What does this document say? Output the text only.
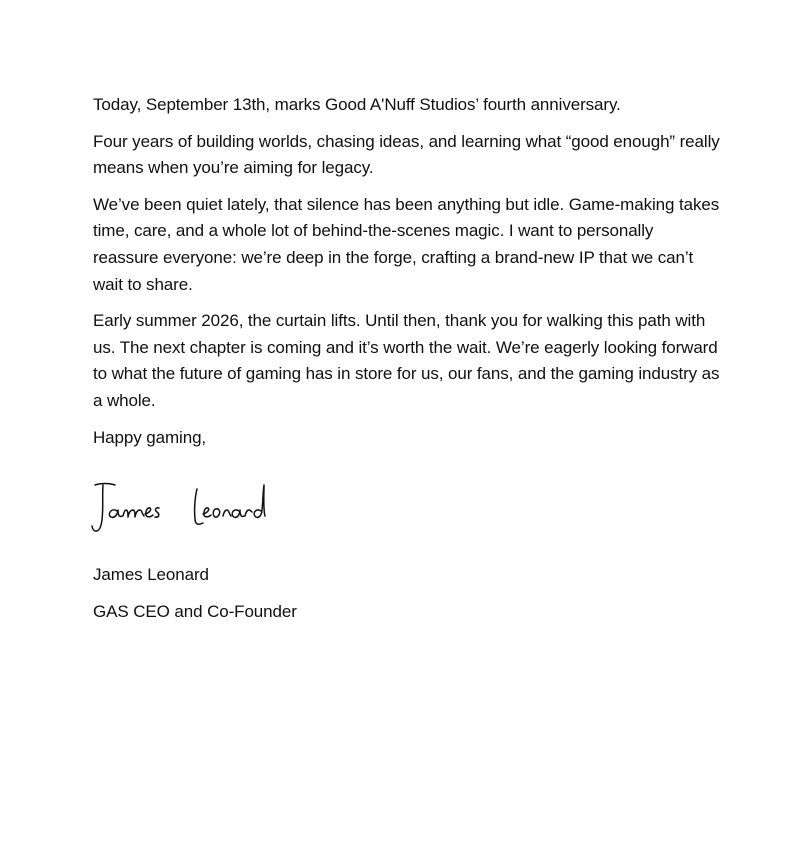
Today, September 13th, marks Good A'Nuff Studios’ fourth anniversary.

Four years of building worlds, chasing ideas, and learning what “good enough” really means when you’re aiming for legacy.

We’ve been quiet lately, that silence has been anything but idle. Game-making takes time, care, and a whole lot of behind-the-scenes magic. I want to personally reassure everyone: we’re deep in the forge, crafting a brand-new IP that we can’t wait to share.

Early summer 2026, the curtain lifts. Until then, thank you for walking this path with us. The next chapter is coming and it’s worth the wait. We’re eagerly looking forward to what the future of gaming has in store for us, our fans, and the gaming industry as a whole.

Happy gaming,

James Leonard

GAS CEO and Co-Founder
